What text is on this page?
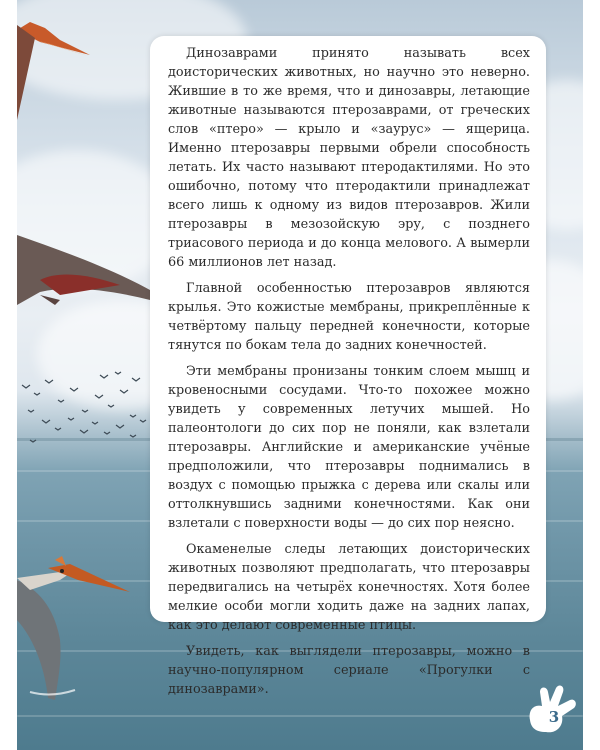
Динозаврами принято называть всех доисторических животных, но научно это неверно. Жившие в то же время, что и динозавры, летающие животные называются птерозаврами, от греческих слов «птеро» — крыло и «заурус» — ящерица. Именно птерозавры первыми обрели способность летать. Их часто называют птеродактилями. Но это ошибочно, потому что птеродактили принадлежат всего лишь к одному из видов птерозавров. Жили птерозавры в мезозойскую эру, с позднего триасового периода и до конца мелового. А вымерли 66 миллионов лет назад.

Главной особенностью птерозавров являются крылья. Это кожистые мембраны, прикреплённые к четвёртому пальцу передней конечности, которые тянутся по бокам тела до задних конечностей.

Эти мембраны пронизаны тонким слоем мышц и кровеносными сосудами. Что-то похожее можно увидеть у современных летучих мышей. Но палеонтологи до сих пор не поняли, как взлетали птерозавры. Английские и американские учёные предположили, что птерозавры поднимались в воздух с помощью прыжка с дерева или скалы или оттолкнувшись задними конечностями. Как они взлетали с поверхности воды — до сих пор неясно.

Окаменелые следы летающих доисторических животных позволяют предполагать, что птерозавры передвигались на четырёх конечностях. Хотя более мелкие особи могли ходить даже на задних лапах, как это делают современные птицы.

Увидеть, как выглядели птерозавры, можно в научно-популярном сериале «Прогулки с динозаврами».

3
